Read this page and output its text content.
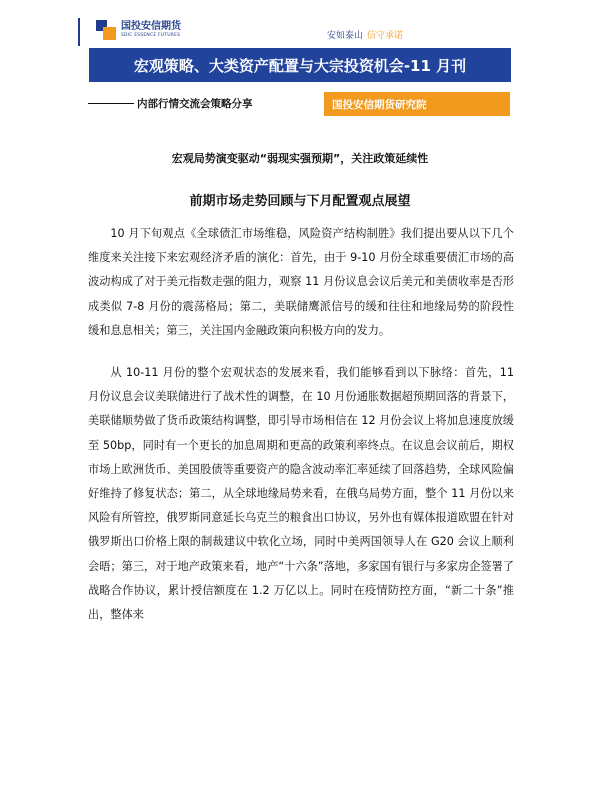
国投安信期货
SDIC ESSENCE FUTURES	安如泰山 信守承诺
宏观策略、大类资产配置与大宗投资机会-11 月刊
内部行情交流会策略分享	国投安信期货研究院
宏观局势演变驱动“弱现实强预期”，关注政策延续性
前期市场走势回顾与下月配置观点展望

10 月下旬观点《全球债汇市场维稳，风险资产结构制胜》我们提出要从以下几个维度来关注接下来宏观经济矛盾的演化：首先，由于 9-10 月份全球重要债汇市场的高波动构成了对于美元指数走强的阻力，观察 11 月份议息会议后美元和美债收率是否形成类似 7-8 月份的震荡格局；第二，美联储鹰派信号的缓和往往和地缘局势的阶段性缓和息息相关；第三，关注国内金融政策向积极方向的发力。

从 10-11 月份的整个宏观状态的发展来看，我们能够看到以下脉络：首先，11 月份议息会议美联储进行了战术性的调整，在 10 月份通胀数据超预期回落的背景下，美联储顺势做了货币政策结构调整，即引导市场相信在 12 月份会议上将加息速度放缓至 50bp，同时有一个更长的加息周期和更高的政策利率终点。在议息会议前后，期权市场上欧洲货币、美国股债等重要资产的隐含波动率汇率延续了回落趋势，全球风险偏好维持了修复状态；第二，从全球地缘局势来看，在俄乌局势方面，整个 11 月份以来风险有所管控，俄罗斯同意延长乌克兰的粮食出口协议，另外也有媒体报道欧盟在针对俄罗斯出口价格上限的制裁建议中软化立场，同时中美两国领导人在 G20 会议上顺利会晤；第三，对于地产政策来看，地产“十六条”落地，多家国有银行与多家房企签署了战略合作协议，累计授信额度在 1.2 万亿以上。同时在疫情防控方面，“新二十条”推出，整体来
